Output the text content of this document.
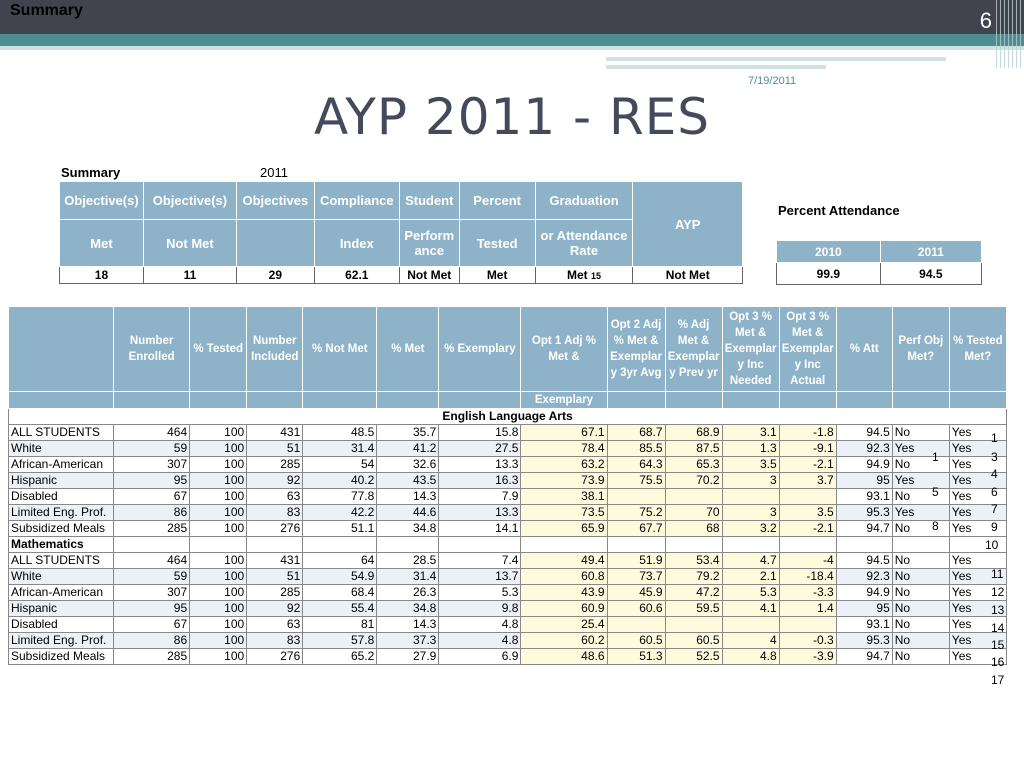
Summary	6
7/19/2011
AYP 2011 - RES
Summary	2011
Objective(s)	Objective(s)	Objectives	Compliance	Student	Percent	Graduation	AYP
Met	Not Met		Index	Perform ance	Tested	or Attendance Rate	
18	11	29	62.1	Not Met	Met	Met 15	Not Met
Percent Attendance
2010	2011
99.9	94.5
	Number Enrolled	% Tested	Number Included	% Not Met	% Met	% Exemplary	Opt 1 Adj % Met &	Opt 2 Adj % Met & Exemplar y 3yr Avg	% Adj Met & Exemplar y Prev yr	Opt 3 % Met & Exemplar y Inc Needed	Opt 3 % Met & Exemplar y Inc Actual	% Att	Perf Obj Met?	% Tested Met?
							Exemplary							
English Language Arts														
ALL STUDENTS	464	100	431	48.5	35.7	15.8	67.1	68.7	68.9	3.1	-1.8	94.5	No	Yes
White	59	100	51	31.4	41.2	27.5	78.4	85.5	87.5	1.3	-9.1	92.3	Yes	Yes
African-American	307	100	285	54	32.6	13.3	63.2	64.3	65.3	3.5	-2.1	94.9	No	Yes
Hispanic	95	100	92	40.2	43.5	16.3	73.9	75.5	70.2	3	3.7	95	Yes	Yes
Disabled	67	100	63	77.8	14.3	7.9	38.1					93.1	No	Yes
Limited Eng. Prof.	86	100	83	42.2	44.6	13.3	73.5	75.2	70	3	3.5	95.3	Yes	Yes
Subsidized Meals	285	100	276	51.1	34.8	14.1	65.9	67.7	68	3.2	-2.1	94.7	No	Yes
Mathematics														
ALL STUDENTS	464	100	431	64	28.5	7.4	49.4	51.9	53.4	4.7	-4	94.5	No	Yes
White	59	100	51	54.9	31.4	13.7	60.8	73.7	79.2	2.1	-18.4	92.3	No	Yes
African-American	307	100	285	68.4	26.3	5.3	43.9	45.9	47.2	5.3	-3.3	94.9	No	Yes
Hispanic	95	100	92	55.4	34.8	9.8	60.9	60.6	59.5	4.1	1.4	95	No	Yes
Disabled	67	100	63	81	14.3	4.8	25.4					93.1	No	Yes
Limited Eng. Prof.	86	100	83	57.8	37.3	4.8	60.2	60.5	60.5	4	-0.3	95.3	No	Yes
Subsidized Meals	285	100	276	65.2	27.9	6.9	48.6	51.3	52.5	4.8	-3.9	94.7	No	Yes
1
3
4
6
7
9
10
11
12
13
14
15
16
17
1
5
8
